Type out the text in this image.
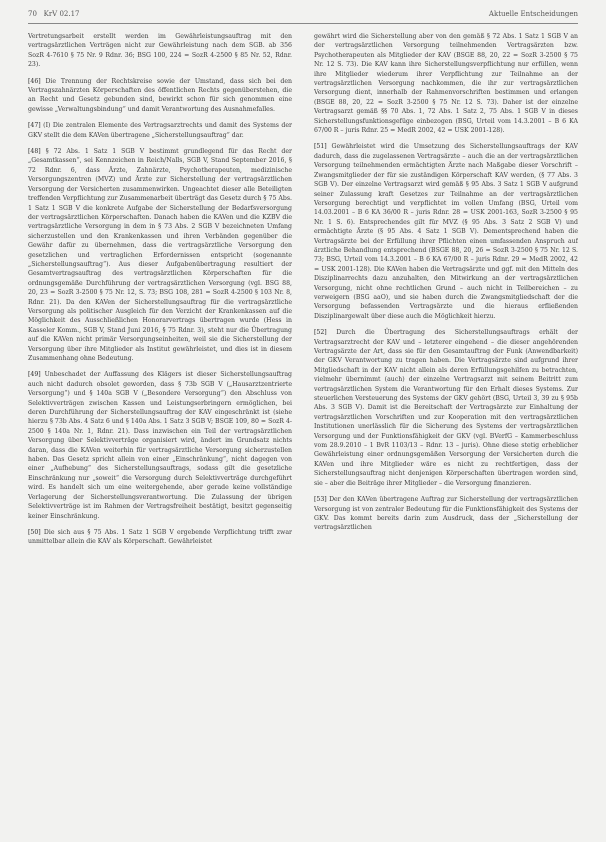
70 KrV 02.17	Aktuelle Entscheidungen

Vertretungsarbeit erstellt werden im Gewährleistungsauftrag mit den vertragsärztlichen Verträgen nicht zur Gewährleistung nach dem SGB. ab 356 SozR 4-7610 § 75 Nr. 9 Rdnr. 36; BSG 100, 224 = SozR 4-2500 § 85 Nr. 52, Rdnr. 23).

[46] Die Trennung der Rechtskreise sowie der Umstand, dass sich bei den Vertragszahnärzten Körperschaften des öffentlichen Rechts gegenüberstehen, die an Recht und Gesetz gebunden sind, bewirkt schon für sich genommen eine gewisse „Verwaltungsbindung“ und damit Verantwortung des Ausnahmefalles.

[47] (I) Die zentralen Elemente des Vertragsarztrechts und damit des Systems der GKV stellt die dem KAVen übertragene „Sicherstellungsauftrag“ dar.

[48] § 72 Abs. 1 Satz 1 SGB V bestimmt grundlegend für das Recht der „Gesamtkassen“, sei Kennzeichen in Reich/Nalls, SGB V, Stand September 2016, § 72 Rdnr. 6, dass Ärzte, Zahnärzte, Psychotherapeuten, medizinische Versorgungszentren (MVZ) und Ärzte zur Sicherstellung der vertragsärztlichen Versorgung der Versicherten zusammenwirken. Ungeachtet dieser alle Beteiligten treffenden Verpflichtung zur Zusammenarbeit überträgt das Gesetz durch § 75 Abs. 1 Satz 1 SGB V die konkrete Aufgabe der Sicherstellung der Bedarfsversorgung der vertragsärztlichen Körperschaften. Danach haben die KAVen und die KZBV die vertragsärztliche Versorgung in dem in § 73 Abs. 2 SGB V bezeichneten Umfang sicherzustellen und den Krankenkassen und ihren Verbänden gegenüber die Gewähr dafür zu übernehmen, dass die vertragsärztliche Versorgung den gesetzlichen und vertraglichen Erfordernissen entspricht (sogenannte „Sicherstellungsauftrag“). Aus dieser Aufgabenübertragung resultiert der Gesamtvertragsauftrag des vertragsärztlichen Körperschaften für die ordnungsgemäße Durchführung der vertragsärztlichen Versorgung (vgl. BSG 88, 20, 23 = SozR 3-2500 § 75 Nr. 12, S. 73; BSG 108, 281 = SozR 4-2500 § 103 Nr. 8, Rdnr. 21). Da den KAVen der Sicherstellungsauftrag für die vertragsärztliche Versorgung als politischer Ausgleich für den Verzicht der Krankenkassen auf die Möglichkeit des Ausschließlichen Honorarvertrags übertragen wurde (Hess in Kasseler Komm., SGB V, Stand Juni 2016, § 75 Rdnr. 3), steht nur die Übertragung auf die KAVen nicht primär Versorgungseinheiten, weil sie die Sicherstellung der Versorgung über ihre Mitglieder als Institut gewährleistet, und dies ist in diesem Zusammenhang ohne Bedeutung.

[49] Unbeschadet der Auffassung des Klägers ist dieser Sicherstellungsauftrag auch nicht dadurch obsolet geworden, dass § 73b SGB V („Hausarztzentrierte Versorgung“) und § 140a SGB V („Besondere Versorgung“) den Abschluss von Selektivverträgen zwischen Kassen und Leistungserbringern ermöglichen, bei deren Durchführung der Sicherstellungsauftrag der KAV eingeschränkt ist (siehe hierzu § 73b Abs. 4 Satz 6 und § 140a Abs. 1 Satz 3 SGB V; BSGE 109, 80 = SozR 4-2500 § 140a Nr. 1, Rdnr. 21). Dass inzwischen ein Teil der vertragsärztlichen Versorgung über Selektivverträge organisiert wird, ändert im Grundsatz nichts daran, dass die KAVen weiterhin für vertragsärztliche Versorgung sicherzustellen haben. Das Gesetz spricht allein von einer „Einschränkung“, nicht dagegen von einer „Aufhebung“ des Sicherstellungsauftrags, sodass gilt die gesetzliche Einschränkung nur „soweit“ die Versorgung durch Selektivverträge durchgeführt wird. Es handelt sich um eine weitergehende, aber gerade keine vollständige Verlagerung der Sicherstellungsverantwortung. Die Zulassung der übrigen Selektivverträge ist im Rahmen der Vertragsfreiheit bestätigt, besitzt gegenseitig keiner Einschränkung.

[50] Die sich aus § 75 Abs. 1 Satz 1 SGB V ergebende Verpflichtung trifft zwar unmittelbar allein die KAV als Körperschaft. Gewährleistet

gewährt wird die Sicherstellung aber von den gemäß § 72 Abs. 1 Satz 1 SGB V an der vertragsärztlichen Versorgung teilnehmenden Vertragsärzten bzw. Psychotherapeuten als Mitglieder der KAV (BSGE 88, 20, 22 = SozR 3-2500 § 75 Nr. 12 S. 73). Die KAV kann ihre Sicherstellungsverpflichtung nur erfüllen, wenn ihre Mitglieder wiederum ihrer Verpflichtung zur Teilnahme an der vertragsärztlichen Versorgung nachkommen, die ihr zur vertragsärztlichen Versorgung dient, innerhalb der Rahmenvorschriften bestimmen und erlangen (BSGE 88, 20, 22 = SozR 3-2500 § 75 Nr. 12 S. 73). Daher ist der einzelne Vertragsarzt gemäß §§ 70 Abs. 1, 72 Abs. 1 Satz 2, 75 Abs. 1 SGB V in dieses Sicherstellungsfunktionsgefüge einbezogen (BSG, Urteil vom 14.3.2001 – B 6 KA 67/00 R – juris Rdnr. 25 = MedR 2002, 42 = USK 2001-128).

[51] Gewährleistet wird die Umsetzung des Sicherstellungsauftrags der KAV dadurch, dass die zugelassenen Vertragsärzte – auch die an der vertragsärztlichen Versorgung teilnehmenden ermächtigten Ärzte nach Maßgabe dieser Vorschrift – Zwangsmitglieder der für sie zuständigen Körperschaft KAV werden, (§ 77 Abs. 3 SGB V). Der einzelne Vertragsarzt wird gemäß § 95 Abs. 3 Satz 1 SGB V aufgrund seiner Zulassung kraft Gesetzes zur Teilnahme an der vertragsärztlichen Versorgung berechtigt und verpflichtet im vollen Umfang (BSG, Urteil vom 14.03.2001 – B 6 KA 36/00 R – juris Rdnr. 28 = USK 2001-163, SozR 3-2500 § 95 Nr. 1 S. 6). Entsprechendes gilt für MVZ (§ 95 Abs. 3 Satz 2 SGB V) und ermächtigte Ärzte (§ 95 Abs. 4 Satz 1 SGB V). Dementsprechend haben die Vertragsärzte bei der Erfüllung ihrer Pflichten einen umfassenden Anspruch auf ärztliche Behandlung entsprechend (BSGE 88, 20, 26 = SozR 3-2500 § 75 Nr. 12 S. 73; BSG, Urteil vom 14.3.2001 – B 6 KA 67/00 R – juris Rdnr. 29 = MedR 2002, 42 = USK 2001-128). Die KAVen haben die Vertragsärzte und ggf. mit den Mitteln des Disziplinarrechts dazu anzuhalten, den Mitwirkung an der vertragsärztlichen Versorgung, nicht ohne rechtlichen Grund – auch nicht in Teilbereichen – zu verweigern (BSG aaO), und sie haben durch die Zwangsmitgliedschaft der die Versorgung befassenden Vertragsärzte und die hieraus erfließenden Disziplinargewalt über diese auch die Möglichkeit hierzu.

[52] Durch die Übertragung des Sicherstellungsauftrags erhält der Vertragsarztrecht der KAV und – letzterer eingehend – die dieser angehörenden Vertragsärzte der Art, dass sie für den Gesamtauftrag der Funk (Anwendbarkeit) der GKV Verantwortung zu tragen haben. Die Vertragsärzte sind aufgrund ihrer Mitgliedschaft in der KAV nicht allein als deren Erfüllungsgehilfen zu betrachten, vielmehr übernimmt (auch) der einzelne Vertragsarzt mit seinem Beitritt zum vertragsärztlichen System die Verantwortung für den Erhalt dieses Systems. Zur steuerlichen Versteuerung des Systems der GKV gehört (BSG, Urteil 3, 39 zu § 95b Abs. 3 SGB V). Damit ist die Bereitschaft der Vertragsärzte zur Einhaltung der vertragsärztlichen Vorschriften und zur Kooperation mit den vertragsärztlichen Institutionen unerlässlich für die Sicherung des Systems der vertragsärztlichen Versorgung und der Funktionsfähigkeit der GKV (vgl. BVerfG – Kammerbeschluss vom 28.9.2010 – 1 BvR 1103/13 – Rdnr. 13 – juris). Ohne diese stetig erheblicher Gewährleistung einer ordnungsgemäßen Versorgung der Versicherten durch die KAVen und ihre Mitglieder wäre es nicht zu rechtfertigen, dass der Sicherstellungsauftrag nicht denjenigen Körperschaften übertragen worden sind, sie – aber die Beiträge ihrer Mitglieder – die Versorgung finanzieren.

[53] Der den KAVen übertragene Auftrag zur Sicherstellung der vertragsärztlichen Versorgung ist von zentraler Bedeutung für die Funktionsfähigkeit des Systems der GKV. Das kommt bereits darin zum Ausdruck, dass der „Sicherstellung der vertragsärztlichen
